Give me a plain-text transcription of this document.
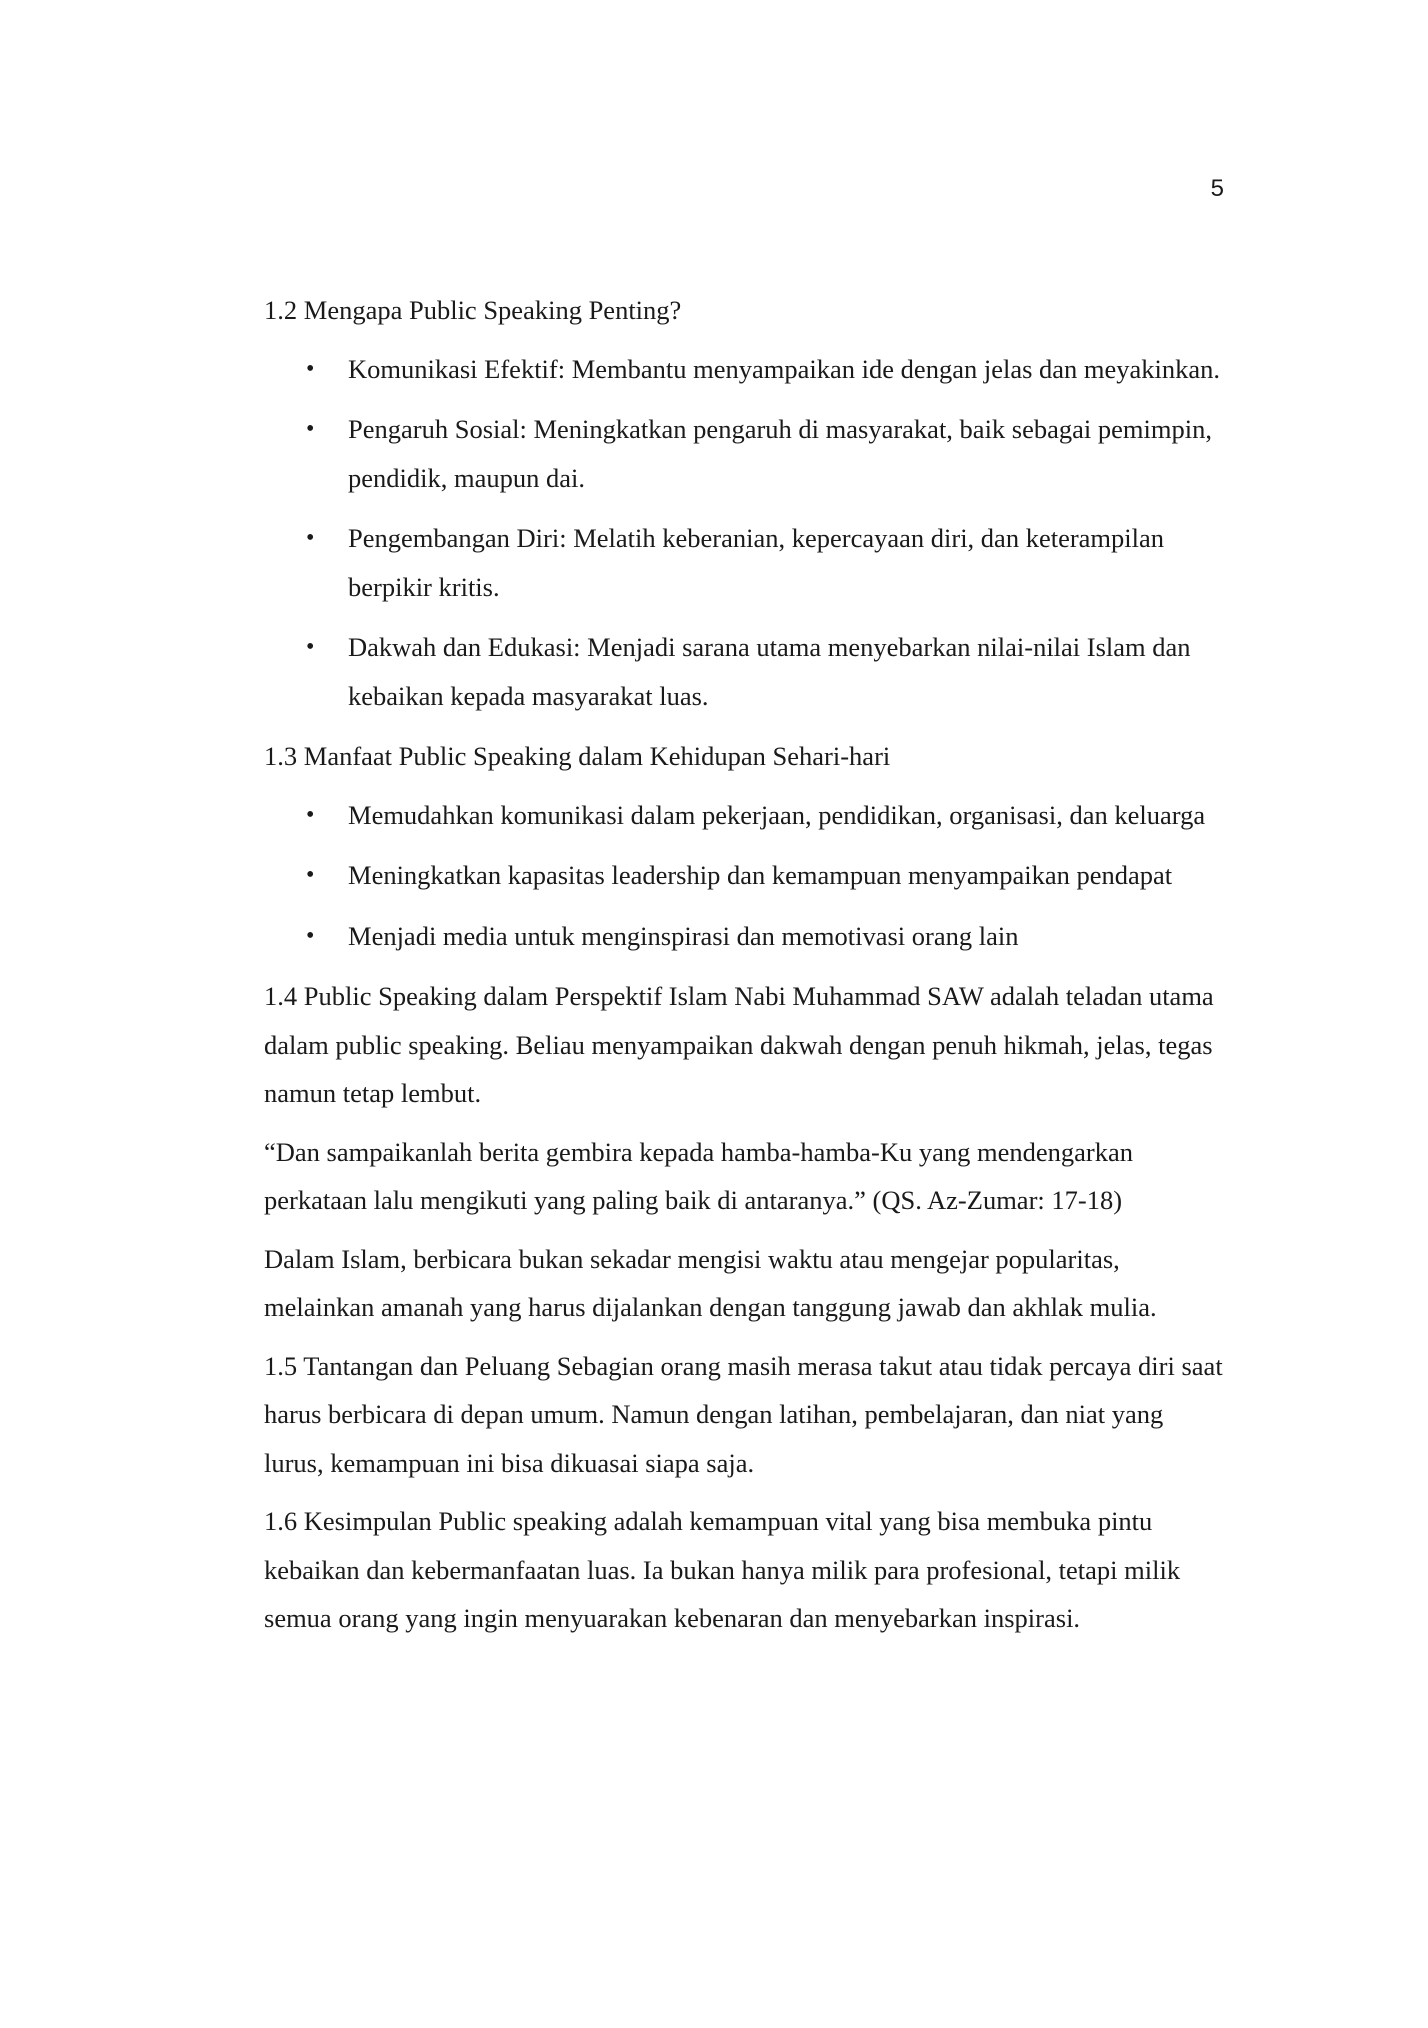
5

1.2 Mengapa Public Speaking Penting?

• Komunikasi Efektif: Membantu menyampaikan ide dengan jelas dan meyakinkan.
• Pengaruh Sosial: Meningkatkan pengaruh di masyarakat, baik sebagai pemimpin, pendidik, maupun dai.
• Pengembangan Diri: Melatih keberanian, kepercayaan diri, dan keterampilan berpikir kritis.
• Dakwah dan Edukasi: Menjadi sarana utama menyebarkan nilai-nilai Islam dan kebaikan kepada masyarakat luas.

1.3 Manfaat Public Speaking dalam Kehidupan Sehari-hari

• Memudahkan komunikasi dalam pekerjaan, pendidikan, organisasi, dan keluarga
• Meningkatkan kapasitas leadership dan kemampuan menyampaikan pendapat
• Menjadi media untuk menginspirasi dan memotivasi orang lain

1.4 Public Speaking dalam Perspektif Islam Nabi Muhammad SAW adalah teladan utama dalam public speaking. Beliau menyampaikan dakwah dengan penuh hikmah, jelas, tegas namun tetap lembut.

“Dan sampaikanlah berita gembira kepada hamba-hamba-Ku yang mendengarkan perkataan lalu mengikuti yang paling baik di antaranya.” (QS. Az-Zumar: 17-18)

Dalam Islam, berbicara bukan sekadar mengisi waktu atau mengejar popularitas, melainkan amanah yang harus dijalankan dengan tanggung jawab dan akhlak mulia.

1.5 Tantangan dan Peluang Sebagian orang masih merasa takut atau tidak percaya diri saat harus berbicara di depan umum. Namun dengan latihan, pembelajaran, dan niat yang lurus, kemampuan ini bisa dikuasai siapa saja.

1.6 Kesimpulan Public speaking adalah kemampuan vital yang bisa membuka pintu kebaikan dan kebermanfaatan luas. Ia bukan hanya milik para profesional, tetapi milik semua orang yang ingin menyuarakan kebenaran dan menyebarkan inspirasi.
